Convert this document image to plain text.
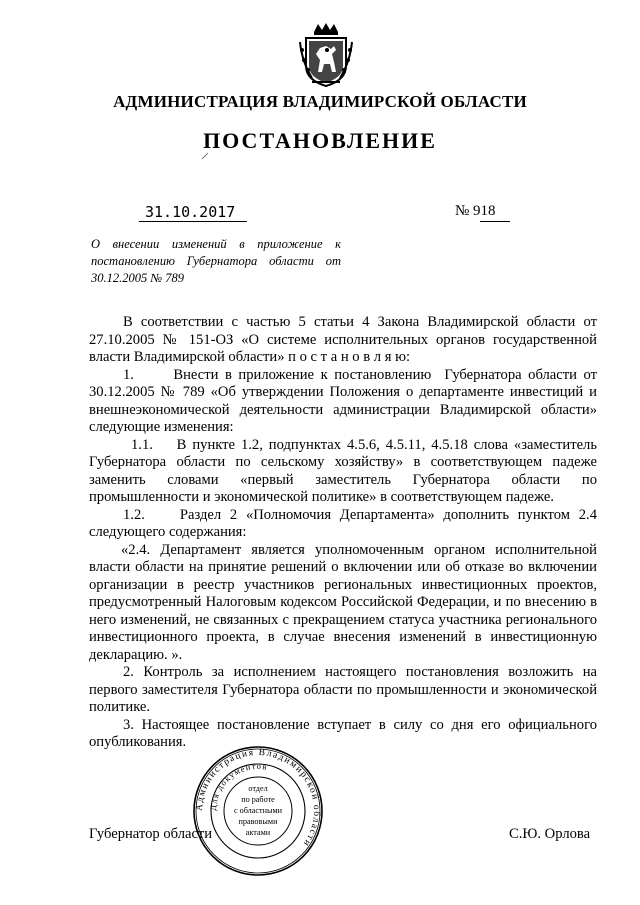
АДМИНИСТРАЦИЯ ВЛАДИМИРСКОЙ ОБЛАСТИ
ПОСТАНОВЛЕНИЕ
31.10.2017	№ 918
О внесении изменений в приложение к постановлению Губернатора области от 30.12.2005 № 789

В соответствии с частью 5 статьи 4 Закона Владимирской области от 27.10.2005 № 151-ОЗ «О системе исполнительных органов государственной власти Владимирской области» п о с т а н о в л я ю:

1.      Внести в приложение к постановлению  Губернатора области от 30.12.2005 № 789 «Об утверждении Положения о департаменте инвестиций и внешнеэкономической деятельности администрации Владимирской области» следующие изменения:

1.1.    В пункте 1.2, подпунктах 4.5.6, 4.5.11, 4.5.18 слова «заместитель Губернатора области по сельскому хозяйству» в соответствующем падеже заменить словами «первый заместитель Губернатора области по промышленности и экономической политике» в соответствующем падеже.

1.2.    Раздел 2 «Полномочия Департамента» дополнить пунктом 2.4 следующего содержания:

«2.4. Департамент является уполномоченным органом исполнительной власти области на принятие решений о включении или об отказе во включении организации в реестр участников региональных инвестиционных проектов, предусмотренный Налоговым кодексом Российской Федерации, и по внесению в него изменений, не связанных с прекращением статуса участника регионального инвестиционного проекта, в случае внесения изменений в инвестиционную декларацию. ».

2. Контроль за исполнением настоящего постановления возложить на первого заместителя Губернатора области по промышленности и экономической политике.

3. Настоящее постановление вступает в силу со дня его официального опубликования.

Губернатор области	С.Ю. Орлова
Администрация Владимирской области
Для документов
отдел
по работе
с областными
правовыми
актами
